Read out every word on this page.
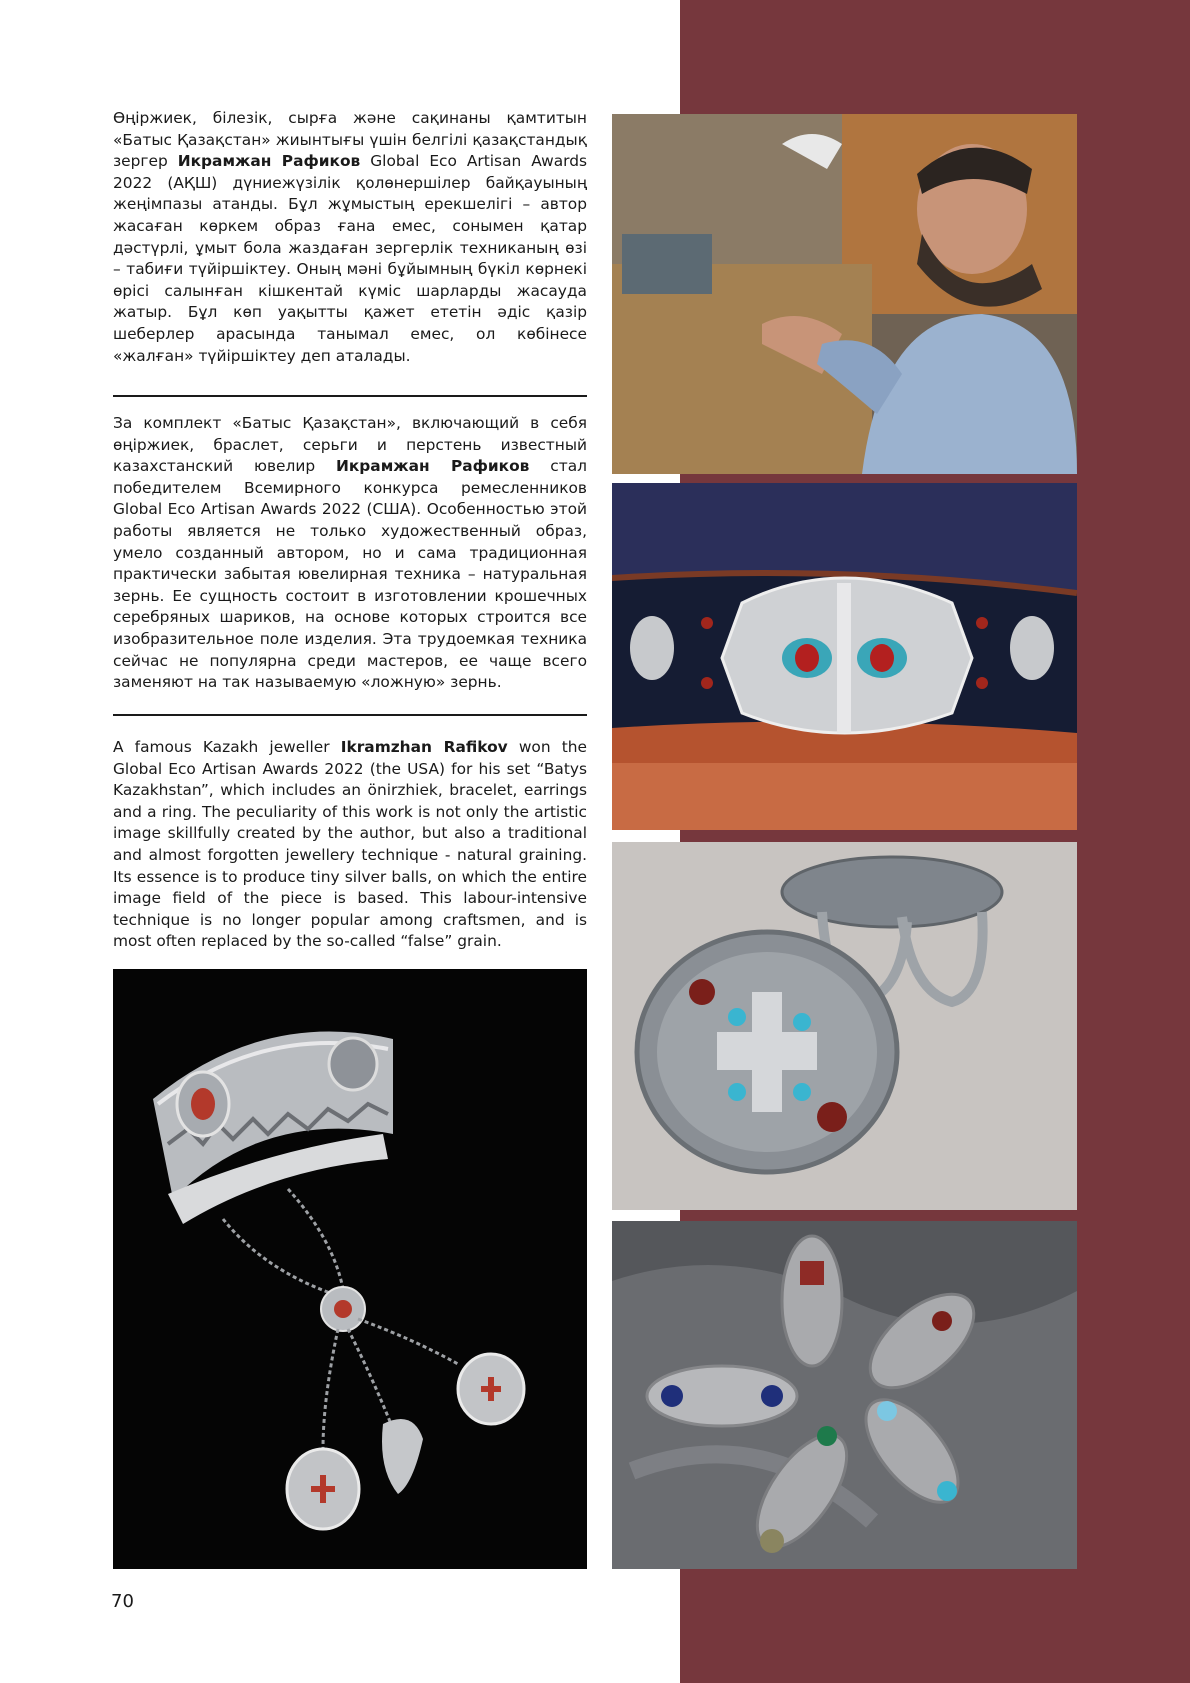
Өңіржиек, білезік, сырға және сақинаны қамтитын «Батыс Қазақстан» жиынтығы үшін белгілі қазақстандық зергер Икрамжан Рафиков Global Eco Artisan Awards 2022 (АҚШ) дүниежүзілік қолөнершілер байқауының жеңімпазы атанды. Бұл жұмыстың ерекшелігі – автор жасаған көркем образ ғана емес, сонымен қатар дәстүрлі, ұмыт бола жаздаған зергерлік техниканың өзі – табиғи түйіршіктеу. Оның мәні бұйымның бүкіл көрнекі өрісі салынған кішкентай күміс шарларды жасауда жатыр. Бұл көп уақытты қажет ететін әдіс қазір шеберлер арасында танымал емес, ол көбінесе «жалған» түйіршіктеу деп аталады.
За комплект «Батыс Қазақстан», включающий в себя өңіржиек, браслет, серьги и перстень известный казахстанский ювелир Икрамжан Рафиков стал победителем Всемирного конкурса ремесленников Global Eco Artisan Awards 2022 (США). Особенностью этой работы является не только художественный образ, умело созданный автором, но и сама традиционная практически забытая ювелирная техника – натуральная зернь. Ее сущность состоит в изготовлении крошечных серебряных шариков, на основе которых строится все изобразительное поле изделия. Эта трудоемкая техника сейчас не популярна среди мастеров, ее чаще всего заменяют на так называемую «ложную» зернь.
A famous Kazakh jeweller Ikramzhan Rafikov won the Global Eco Artisan Awards 2022 (the USA) for his set “Batys Kazakhstan”, which includes an önirzhiek, bracelet, earrings and a ring. The peculiarity of this work is not only the artistic image skillfully created by the author, but also a traditional and almost forgotten jewellery technique - natural graining. Its essence is to produce tiny silver balls, on which the entire image field of the piece is based. This labour-intensive technique is no longer popular among craftsmen, and is most often replaced by the so-called “false” grain.
70
